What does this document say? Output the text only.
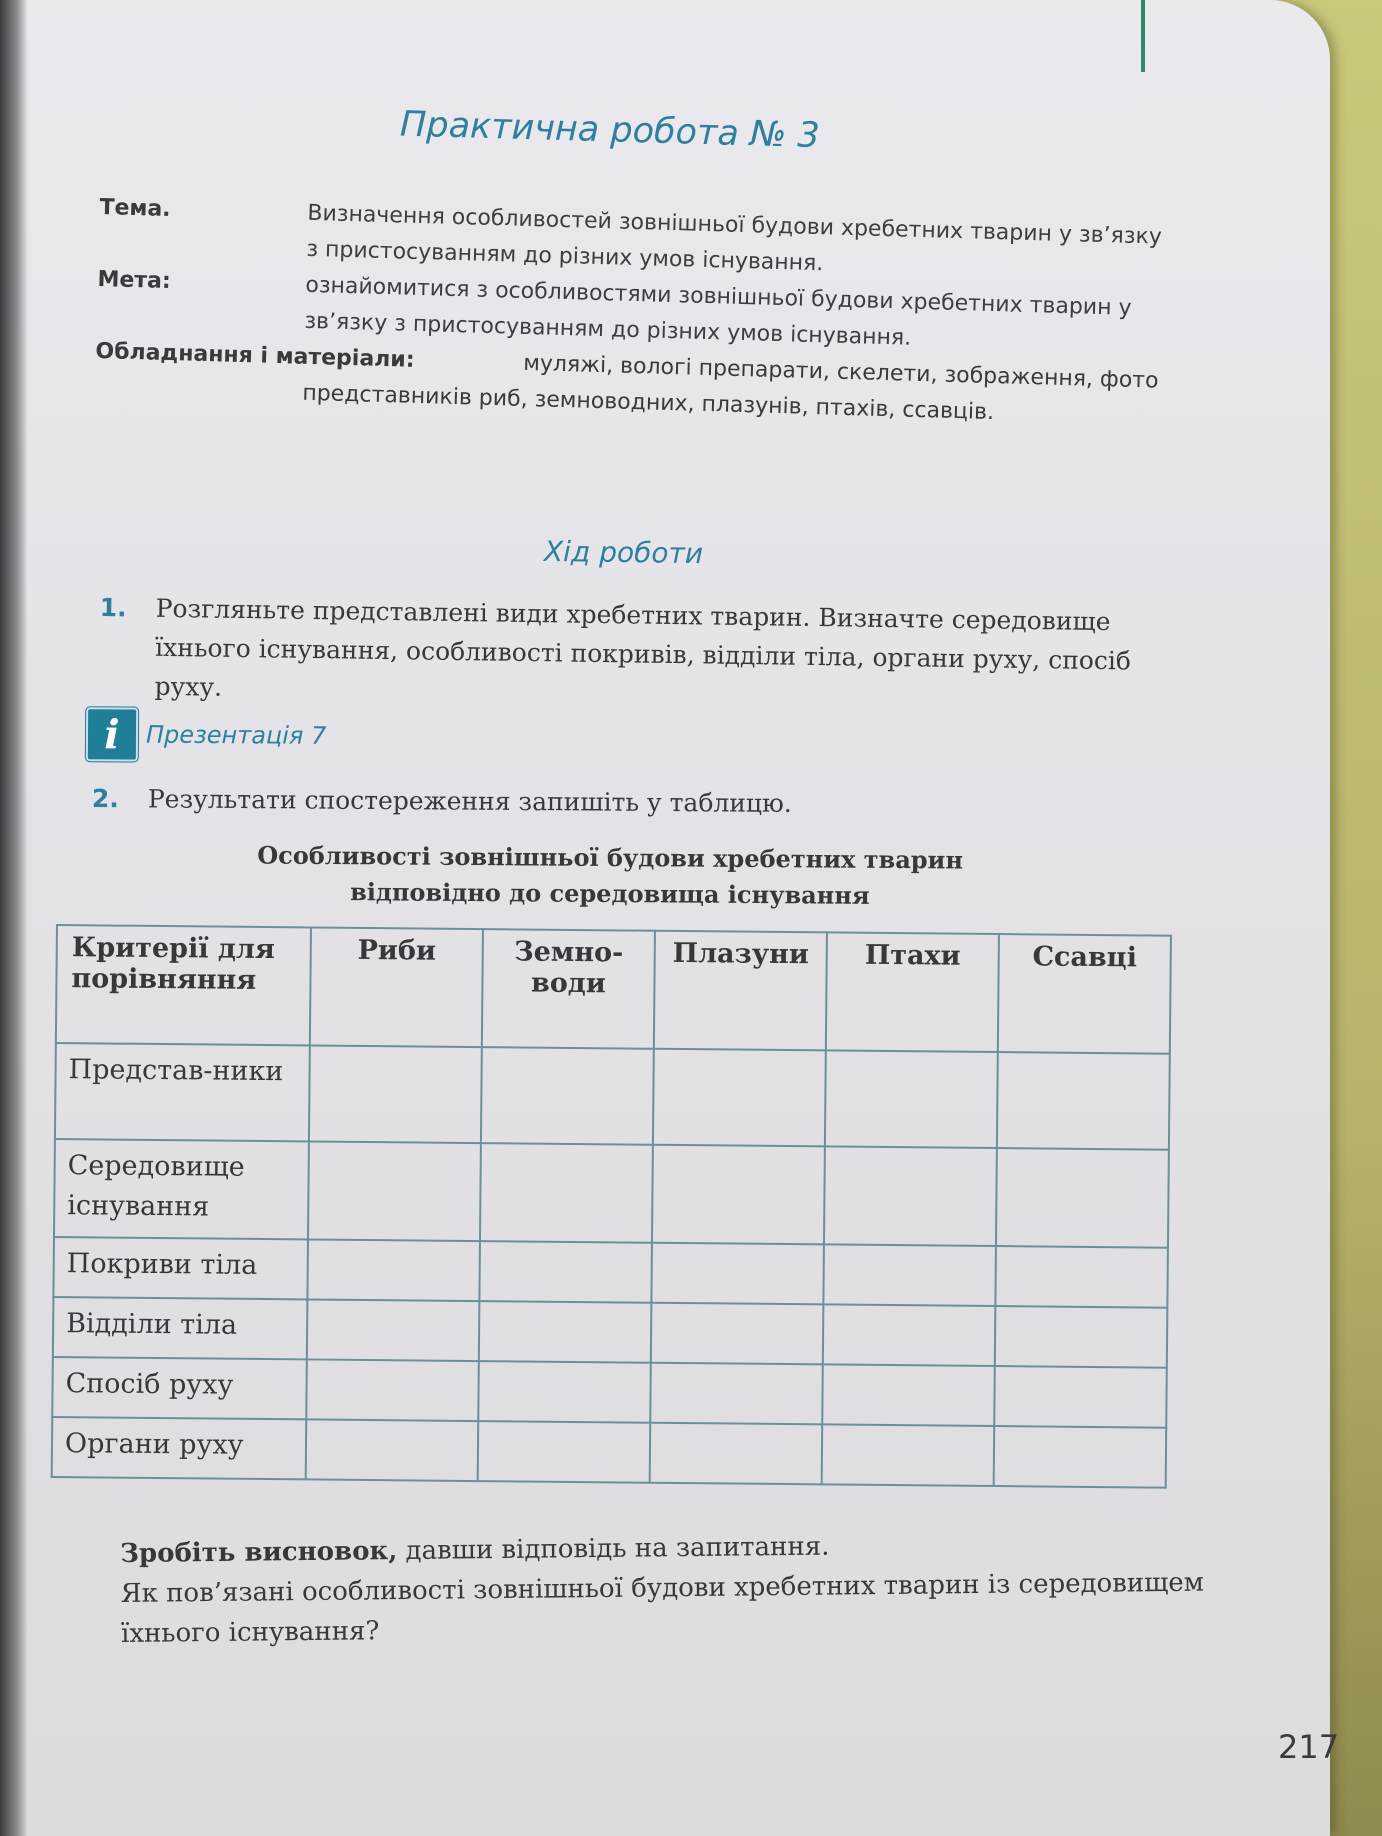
Практична робота № 3
Тема.	Визначення особливостей зовнішньої будови хребетних тварин у зв’язку з пристосуванням до різних умов існування.
Мета:	ознайомитися з особливостями зовнішньої будови хребетних тварин у зв’язку з пристосуванням до різних умов існування.
Обладнання і матеріали:	муляжі, вологі препарати, скелети, зображення, фото представників риб, земноводних, плазунів, птахів, ссавців.
Хід роботи
1. Розгляньте представлені види хребетних тварин. Визначте середовище їхнього існування, особливості покривів, відділи тіла, органи руху, спосіб руху.
i	Презентація 7
2. Результати спостереження запишіть у таблицю.
Особливості зовнішньої будови хребетних тварин
відповідно до середовища існування
Критерії для порівняння	Риби	Земно-води	Плазуни	Птахи	Ссавці
Представ-ники					
Середовище існування					
Покриви тіла					
Відділи тіла					
Спосіб руху					
Органи руху					
Зробіть висновок, давши відповідь на запитання.
Як пов’язані особливості зовнішньої будови хребетних тварин із середовищем їхнього існування?
217
